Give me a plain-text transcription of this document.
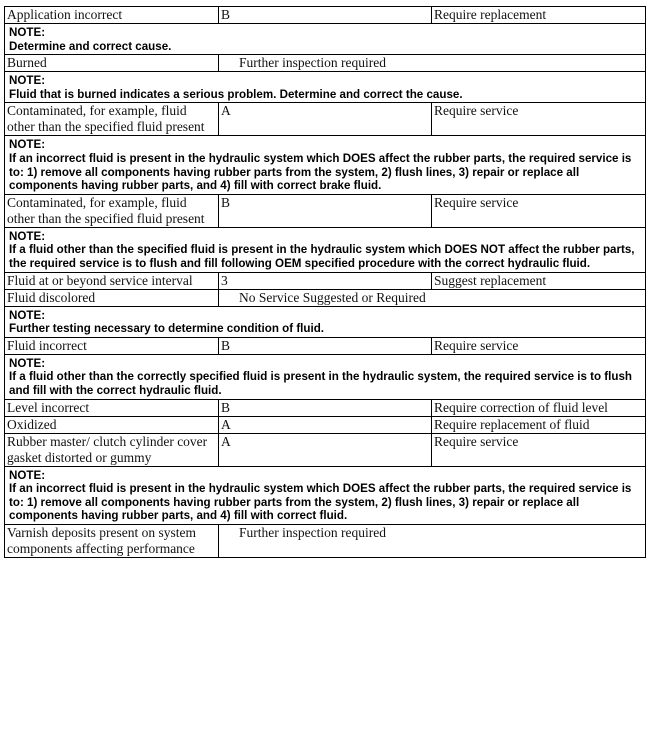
Application incorrect	B	Require replacement

NOTE:
Determine and correct cause.		

Burned	Further inspection required	

NOTE:
Fluid that is burned indicates a serious problem. Determine and correct the cause.		

Contaminated, for example, fluid other than the specified fluid present	A	Require service

NOTE:
If an incorrect fluid is present in the hydraulic system which DOES affect the rubber parts, the required service is to: 1) remove all components having rubber parts from the system, 2) flush lines, 3) repair or replace all components having rubber parts, and 4) fill with correct brake fluid.		

Contaminated, for example, fluid other than the specified fluid present	B	Require service

NOTE:
If a fluid other than the specified fluid is present in the hydraulic system which DOES NOT affect the rubber parts, the required service is to flush and fill following OEM specified procedure with the correct hydraulic fluid.		

Fluid at or beyond service interval	3	Suggest replacement
Fluid discolored	No Service Suggested or Required	

NOTE:
Further testing necessary to determine condition of fluid.		

Fluid incorrect	B	Require service

NOTE:
If a fluid other than the correctly specified fluid is present in the hydraulic system, the required service is to flush and fill with the correct hydraulic fluid.		

Level incorrect	B	Require correction of fluid level
Oxidized	A	Require replacement of fluid
Rubber master/ clutch cylinder cover gasket distorted or gummy	A	Require service

NOTE:
If an incorrect fluid is present in the hydraulic system which DOES affect the rubber parts, the required service is to: 1) remove all components having rubber parts from the system, 2) flush lines, 3) repair or replace all components having rubber parts, and 4) fill with correct fluid.		

Varnish deposits present on system components affecting performance	Further inspection required	
